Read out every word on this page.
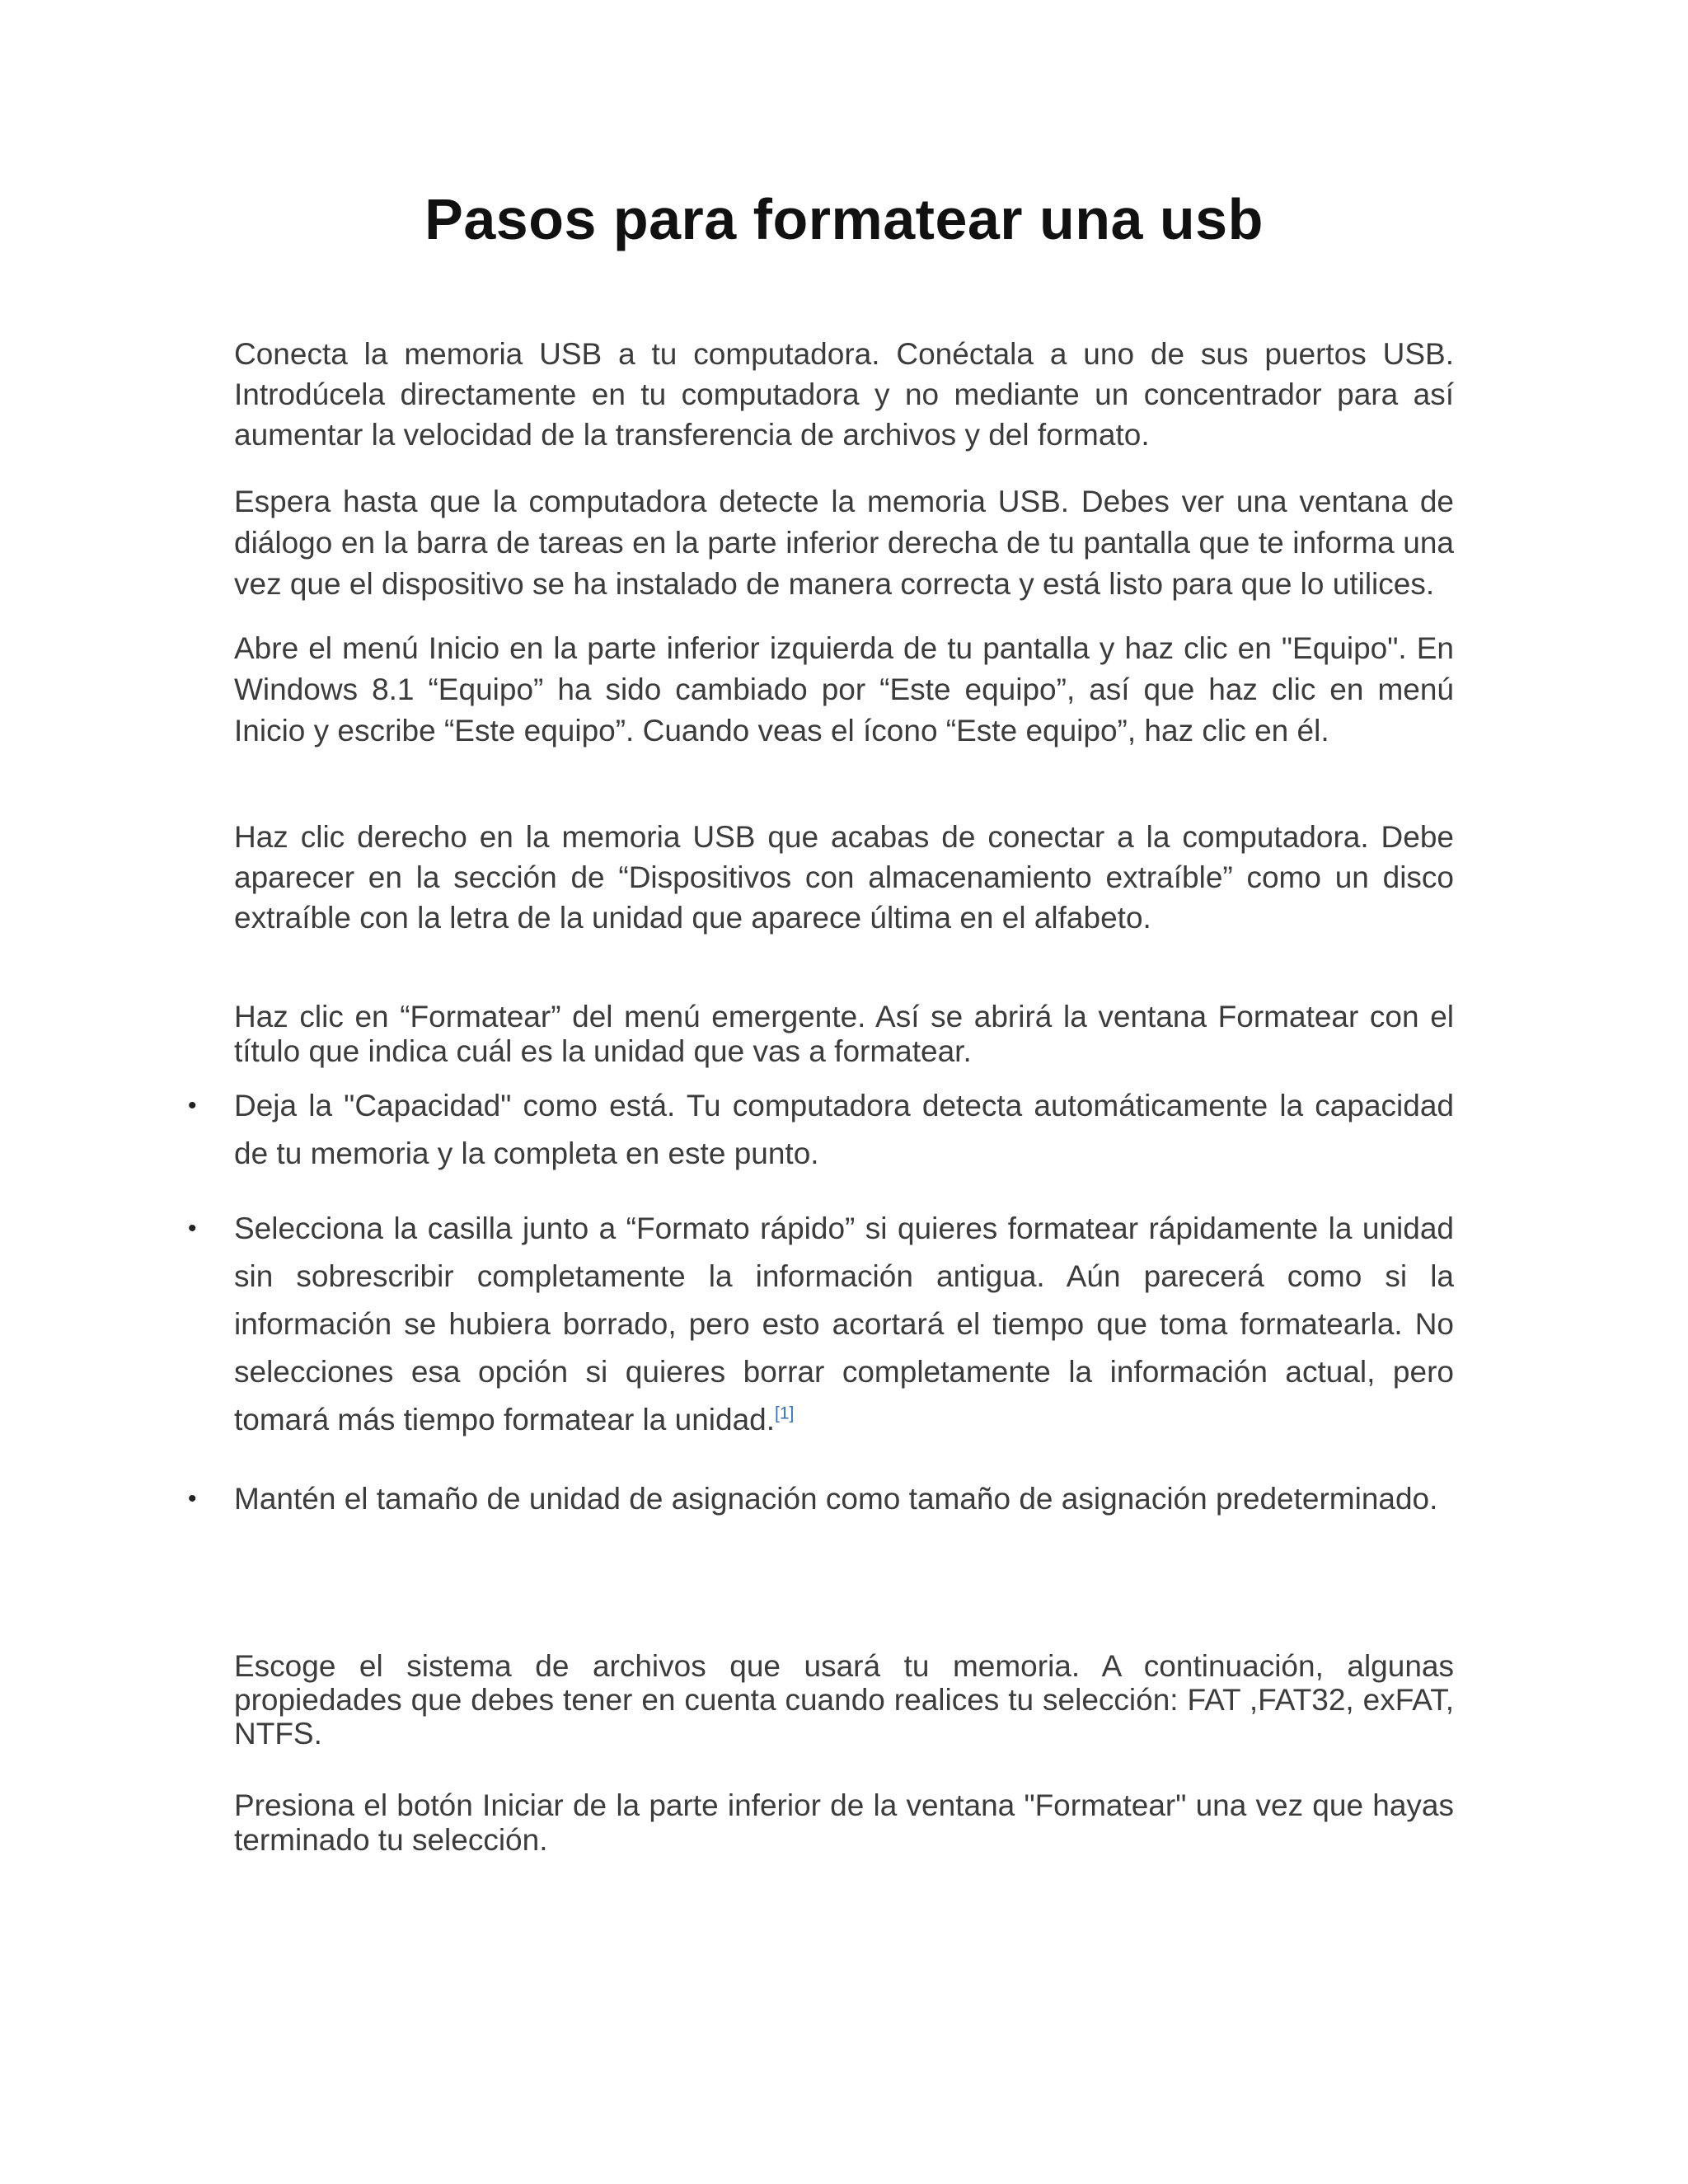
Pasos para formatear una usb

Conecta la memoria USB a tu computadora. Conéctala a uno de sus puertos USB. Introdúcela directamente en tu computadora y no mediante un concentrador para así aumentar la velocidad de la transferencia de archivos y del formato.

Espera hasta que la computadora detecte la memoria USB. Debes ver una ventana de diálogo en la barra de tareas en la parte inferior derecha de tu pantalla que te informa una vez que el dispositivo se ha instalado de manera correcta y está listo para que lo utilices.

Abre el menú Inicio en la parte inferior izquierda de tu pantalla y haz clic en "Equipo". En Windows 8.1 “Equipo” ha sido cambiado por “Este equipo”, así que haz clic en menú Inicio y escribe “Este equipo”. Cuando veas el ícono “Este equipo”, haz clic en él.

Haz clic derecho en la memoria USB que acabas de conectar a la computadora. Debe aparecer en la sección de “Dispositivos con almacenamiento extraíble” como un disco extraíble con la letra de la unidad que aparece última en el alfabeto.

Haz clic en “Formatear” del menú emergente. Así se abrirá la ventana Formatear con el título que indica cuál es la unidad que vas a formatear.

• Deja la "Capacidad" como está. Tu computadora detecta automáticamente la capacidad de tu memoria y la completa en este punto.
• Selecciona la casilla junto a “Formato rápido” si quieres formatear rápidamente la unidad sin sobrescribir completamente la información antigua. Aún parecerá como si la información se hubiera borrado, pero esto acortará el tiempo que toma formatearla. No selecciones esa opción si quieres borrar completamente la información actual, pero tomará más tiempo formatear la unidad.[1]
• Mantén el tamaño de unidad de asignación como tamaño de asignación predeterminado.

Escoge el sistema de archivos que usará tu memoria. A continuación, algunas propiedades que debes tener en cuenta cuando realices tu selección: FAT ,FAT32, exFAT, NTFS.

Presiona el botón Iniciar de la parte inferior de la ventana "Formatear" una vez que hayas terminado tu selección.
